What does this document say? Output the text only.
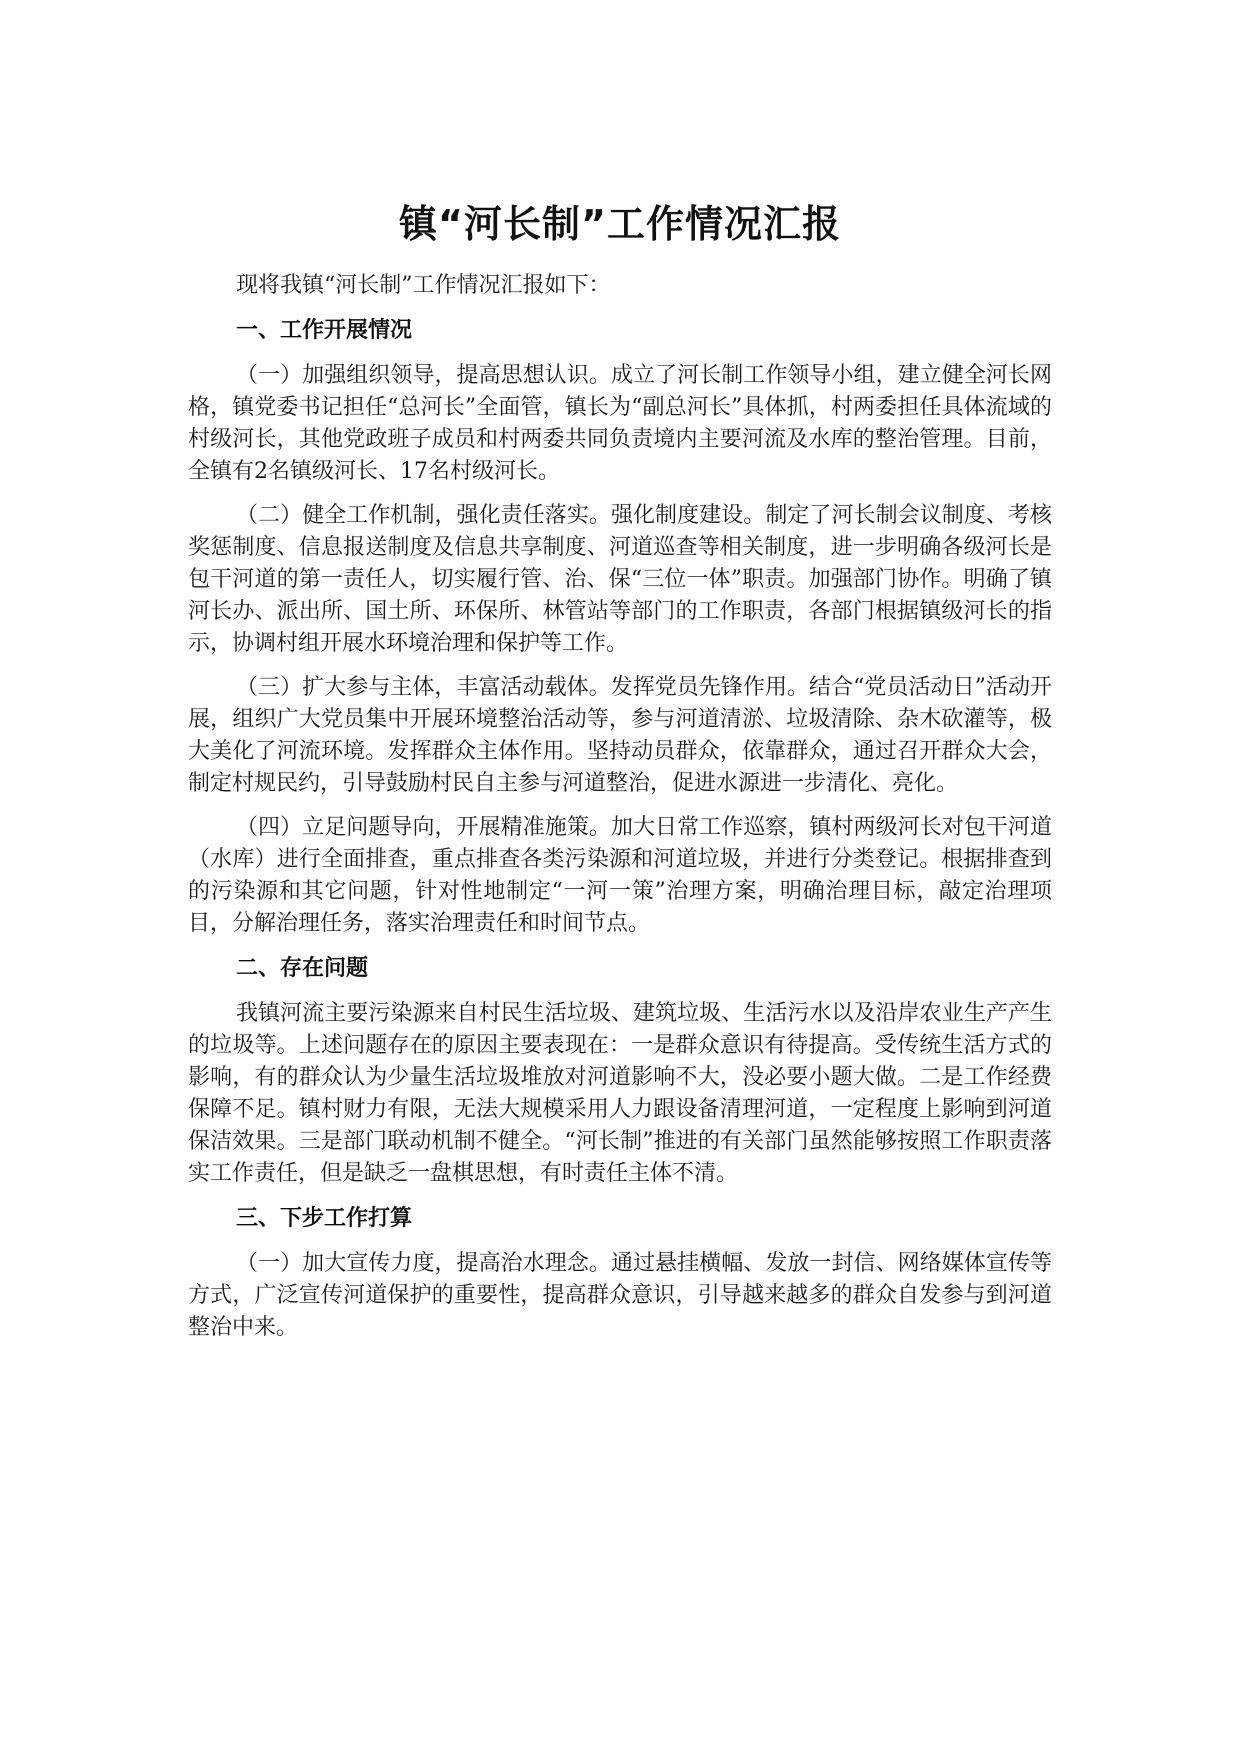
镇“河长制”工作情况汇报

现将我镇“河长制”工作情况汇报如下：

一、工作开展情况

（一）加强组织领导，提高思想认识。成立了河长制工作领导小组，建立健全河长网格，镇党委书记担任“总河长”全面管，镇长为“副总河长”具体抓，村两委担任具体流域的村级河长，其他党政班子成员和村两委共同负责境内主要河流及水库的整治管理。目前，全镇有2名镇级河长、17名村级河长。

（二）健全工作机制，强化责任落实。强化制度建设。制定了河长制会议制度、考核奖惩制度、信息报送制度及信息共享制度、河道巡查等相关制度，进一步明确各级河长是包干河道的第一责任人，切实履行管、治、保“三位一体”职责。加强部门协作。明确了镇河长办、派出所、国土所、环保所、林管站等部门的工作职责，各部门根据镇级河长的指示，协调村组开展水环境治理和保护等工作。

（三）扩大参与主体，丰富活动载体。发挥党员先锋作用。结合“党员活动日”活动开展，组织广大党员集中开展环境整治活动等，参与河道清淤、垃圾清除、杂木砍灌等，极大美化了河流环境。发挥群众主体作用。坚持动员群众，依靠群众，通过召开群众大会，制定村规民约，引导鼓励村民自主参与河道整治，促进水源进一步清化、亮化。

（四）立足问题导向，开展精准施策。加大日常工作巡察，镇村两级河长对包干河道（水库）进行全面排查，重点排查各类污染源和河道垃圾，并进行分类登记。根据排查到的污染源和其它问题，针对性地制定“一河一策”治理方案，明确治理目标，敲定治理项目，分解治理任务，落实治理责任和时间节点。

二、存在问题

我镇河流主要污染源来自村民生活垃圾、建筑垃圾、生活污水以及沿岸农业生产产生的垃圾等。上述问题存在的原因主要表现在：一是群众意识有待提高。受传统生活方式的影响，有的群众认为少量生活垃圾堆放对河道影响不大，没必要小题大做。二是工作经费保障不足。镇村财力有限，无法大规模采用人力跟设备清理河道，一定程度上影响到河道保洁效果。三是部门联动机制不健全。“河长制”推进的有关部门虽然能够按照工作职责落实工作责任，但是缺乏一盘棋思想，有时责任主体不清。

三、下步工作打算

（一）加大宣传力度，提高治水理念。通过悬挂横幅、发放一封信、网络媒体宣传等方式，广泛宣传河道保护的重要性，提高群众意识，引导越来越多的群众自发参与到河道整治中来。
